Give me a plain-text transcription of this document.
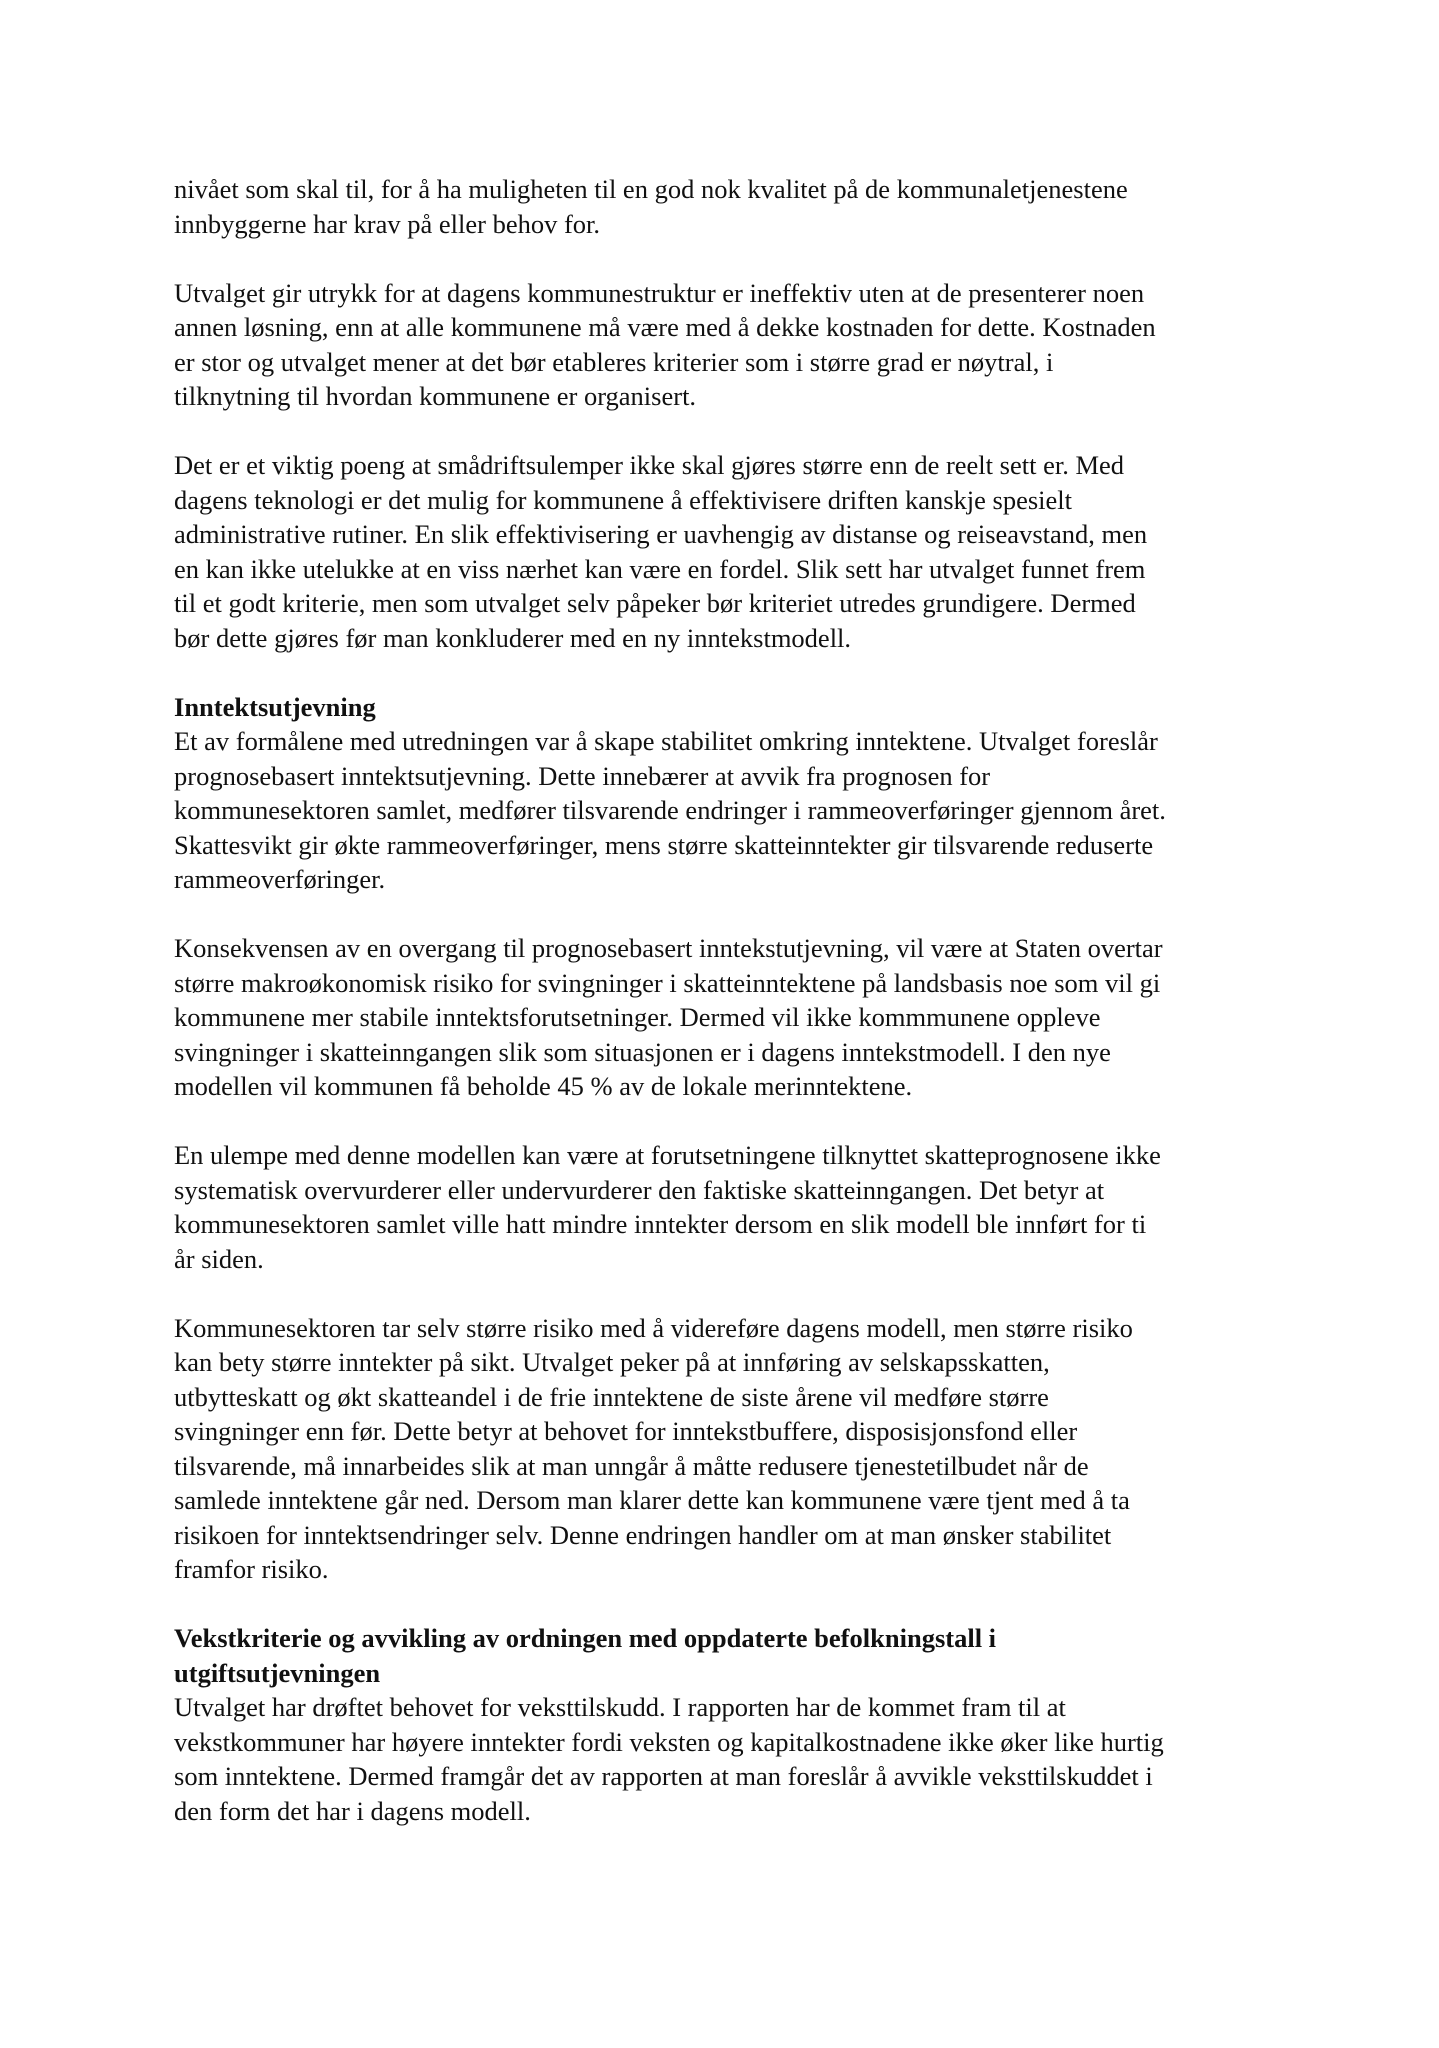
nivået som skal til, for å ha muligheten til en god nok kvalitet på de kommunaletjenestene
innbyggerne har krav på eller behov for.

Utvalget gir utrykk for at dagens kommunestruktur er ineffektiv uten at de presenterer noen
annen løsning, enn at alle kommunene må være med å dekke kostnaden for dette. Kostnaden
er stor og utvalget mener at det bør etableres kriterier som i større grad er nøytral, i
tilknytning til hvordan kommunene er organisert.

Det er et viktig poeng at smådriftsulemper ikke skal gjøres større enn de reelt sett er. Med
dagens teknologi er det mulig for kommunene å effektivisere driften kanskje spesielt
administrative rutiner. En slik effektivisering er uavhengig av distanse og reiseavstand, men
en kan ikke utelukke at en viss nærhet kan være en fordel. Slik sett har utvalget funnet frem
til et godt kriterie, men som utvalget selv påpeker bør kriteriet utredes grundigere. Dermed
bør dette gjøres før man konkluderer med en ny inntekstmodell.

Inntektsutjevning

Et av formålene med utredningen var å skape stabilitet omkring inntektene. Utvalget foreslår
prognosebasert inntektsutjevning. Dette innebærer at avvik fra prognosen for
kommunesektoren samlet, medfører tilsvarende endringer i rammeoverføringer gjennom året.
Skattesvikt gir økte rammeoverføringer, mens større skatteinntekter gir tilsvarende reduserte
rammeoverføringer.

Konsekvensen av en overgang til prognosebasert inntekstutjevning, vil være at Staten overtar
større makroøkonomisk risiko for svingninger i skatteinntektene på landsbasis noe som vil gi
kommunene mer stabile inntektsforutsetninger. Dermed vil ikke kommmunene oppleve
svingninger i skatteinngangen slik som situasjonen er i dagens inntekstmodell. I den nye
modellen vil kommunen få beholde 45 % av de lokale merinntektene.

En ulempe med denne modellen kan være at forutsetningene tilknyttet skatteprognosene ikke
systematisk overvurderer eller undervurderer den faktiske skatteinngangen. Det betyr at
kommunesektoren samlet ville hatt mindre inntekter dersom en slik modell ble innført for ti
år siden.

Kommunesektoren tar selv større risiko med å videreføre dagens modell, men større risiko
kan bety større inntekter på sikt. Utvalget peker på at innføring av selskapsskatten,
utbytteskatt og økt skatteandel i de frie inntektene de siste årene vil medføre større
svingninger enn før. Dette betyr at behovet for inntekstbuffere, disposisjonsfond eller
tilsvarende, må innarbeides slik at man unngår å måtte redusere tjenestetilbudet når de
samlede inntektene går ned. Dersom man klarer dette kan kommunene være tjent med å ta
risikoen for inntektsendringer selv. Denne endringen handler om at man ønsker stabilitet
framfor risiko.

Vekstkriterie og avvikling av ordningen med oppdaterte befolkningstall i
utgiftsutjevningen

Utvalget har drøftet behovet for veksttilskudd. I rapporten har de kommet fram til at
vekstkommuner har høyere inntekter fordi veksten og kapitalkostnadene ikke øker like hurtig
som inntektene. Dermed framgår det av rapporten at man foreslår å avvikle veksttilskuddet i
den form det har i dagens modell.
